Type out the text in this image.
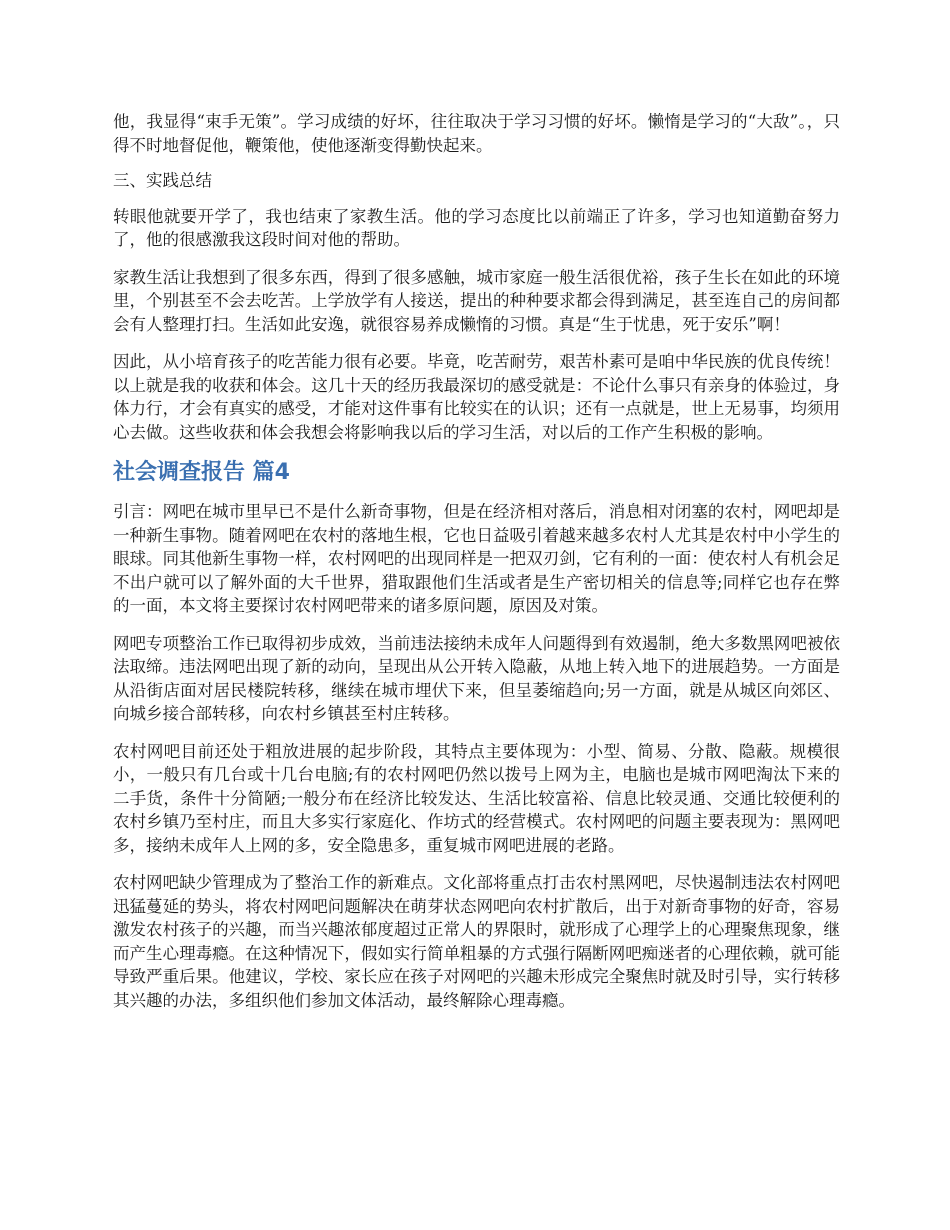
他，我显得“束手无策”。学习成绩的好坏，往往取决于学习习惯的好坏。懒惰是学习的“大敌”。，只得不时地督促他，鞭策他，使他逐渐变得勤快起来。

三、实践总结

转眼他就要开学了，我也结束了家教生活。他的学习态度比以前端正了许多，学习也知道勤奋努力了，他的很感激我这段时间对他的帮助。

家教生活让我想到了很多东西，得到了很多感触，城市家庭一般生活很优裕，孩子生长在如此的环境里，个别甚至不会去吃苦。上学放学有人接送，提出的种种要求都会得到满足，甚至连自己的房间都会有人整理打扫。生活如此安逸，就很容易养成懒惰的习惯。真是“生于忧患，死于安乐”啊！

因此，从小培育孩子的吃苦能力很有必要。毕竟，吃苦耐劳，艰苦朴素可是咱中华民族的优良传统！以上就是我的收获和体会。这几十天的经历我最深切的感受就是：不论什么事只有亲身的体验过，身体力行，才会有真实的感受，才能对这件事有比较实在的认识；还有一点就是，世上无易事，均须用心去做。这些收获和体会我想会将影响我以后的学习生活，对以后的工作产生积极的影响。

社会调查报告 篇4

引言：网吧在城市里早已不是什么新奇事物，但是在经济相对落后，消息相对闭塞的农村，网吧却是一种新生事物。随着网吧在农村的落地生根，它也日益吸引着越来越多农村人尤其是农村中小学生的眼球。同其他新生事物一样，农村网吧的出现同样是一把双刃剑，它有利的一面：使农村人有机会足不出户就可以了解外面的大千世界，猎取跟他们生活或者是生产密切相关的信息等;同样它也存在弊的一面，本文将主要探讨农村网吧带来的诸多原问题，原因及对策。

网吧专项整治工作已取得初步成效，当前违法接纳未成年人问题得到有效遏制，绝大多数黑网吧被依法取缔。违法网吧出现了新的动向，呈现出从公开转入隐蔽，从地上转入地下的进展趋势。一方面是从沿街店面对居民楼院转移，继续在城市埋伏下来，但呈萎缩趋向;另一方面，就是从城区向郊区、向城乡接合部转移，向农村乡镇甚至村庄转移。

农村网吧目前还处于粗放进展的起步阶段，其特点主要体现为：小型、简易、分散、隐蔽。规模很小，一般只有几台或十几台电脑;有的农村网吧仍然以拨号上网为主，电脑也是城市网吧淘汰下来的二手货，条件十分简陋;一般分布在经济比较发达、生活比较富裕、信息比较灵通、交通比较便利的农村乡镇乃至村庄，而且大多实行家庭化、作坊式的经营模式。农村网吧的问题主要表现为：黑网吧多，接纳未成年人上网的多，安全隐患多，重复城市网吧进展的老路。

农村网吧缺少管理成为了整治工作的新难点。文化部将重点打击农村黑网吧，尽快遏制违法农村网吧迅猛蔓延的势头，将农村网吧问题解决在萌芽状态网吧向农村扩散后，出于对新奇事物的好奇，容易激发农村孩子的兴趣，而当兴趣浓郁度超过正常人的界限时，就形成了心理学上的心理聚焦现象，继而产生心理毒瘾。在这种情况下，假如实行简单粗暴的方式强行隔断网吧痴迷者的心理依赖，就可能导致严重后果。他建议，学校、家长应在孩子对网吧的兴趣未形成完全聚焦时就及时引导，实行转移其兴趣的办法，多组织他们参加文体活动，最终解除心理毒瘾。
